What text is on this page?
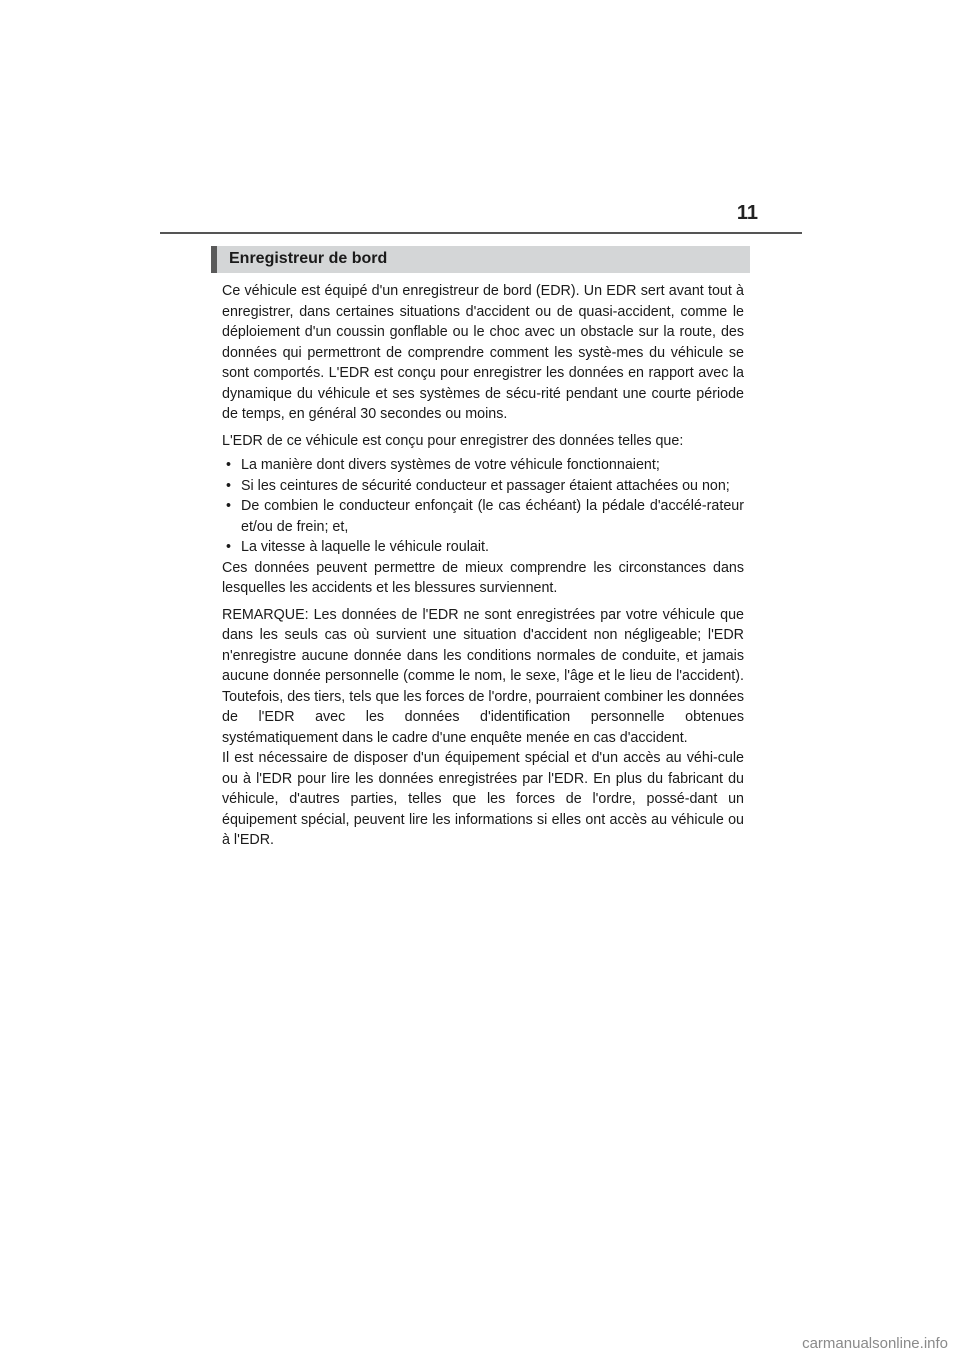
11
Enregistreur de bord

Ce véhicule est équipé d'un enregistreur de bord (EDR). Un EDR sert avant tout à enregistrer, dans certaines situations d'accident ou de quasi-accident, comme le déploiement d'un coussin gonflable ou le choc avec un obstacle sur la route, des données qui permettront de comprendre comment les systè-mes du véhicule se sont comportés. L'EDR est conçu pour enregistrer les données en rapport avec la dynamique du véhicule et ses systèmes de sécu-rité pendant une courte période de temps, en général 30 secondes ou moins.

L'EDR de ce véhicule est conçu pour enregistrer des données telles que:

• La manière dont divers systèmes de votre véhicule fonctionnaient;
• Si les ceintures de sécurité conducteur et passager étaient attachées ou non;
• De combien le conducteur enfonçait (le cas échéant) la pédale d'accélé-rateur et/ou de frein; et,
• La vitesse à laquelle le véhicule roulait.

Ces données peuvent permettre de mieux comprendre les circonstances dans lesquelles les accidents et les blessures surviennent.

REMARQUE: Les données de l'EDR ne sont enregistrées par votre véhicule que dans les seuls cas où survient une situation d'accident non négligeable; l'EDR n'enregistre aucune donnée dans les conditions normales de conduite, et jamais aucune donnée personnelle (comme le nom, le sexe, l'âge et le lieu de l'accident). Toutefois, des tiers, tels que les forces de l'ordre, pourraient combiner les données de l'EDR avec les données d'identification personnelle obtenues systématiquement dans le cadre d'une enquête menée en cas d'accident.

Il est nécessaire de disposer d'un équipement spécial et d'un accès au véhi-cule ou à l'EDR pour lire les données enregistrées par l'EDR. En plus du fabricant du véhicule, d'autres parties, telles que les forces de l'ordre, possé-dant un équipement spécial, peuvent lire les informations si elles ont accès au véhicule ou à l'EDR.

carmanualsonline.info
